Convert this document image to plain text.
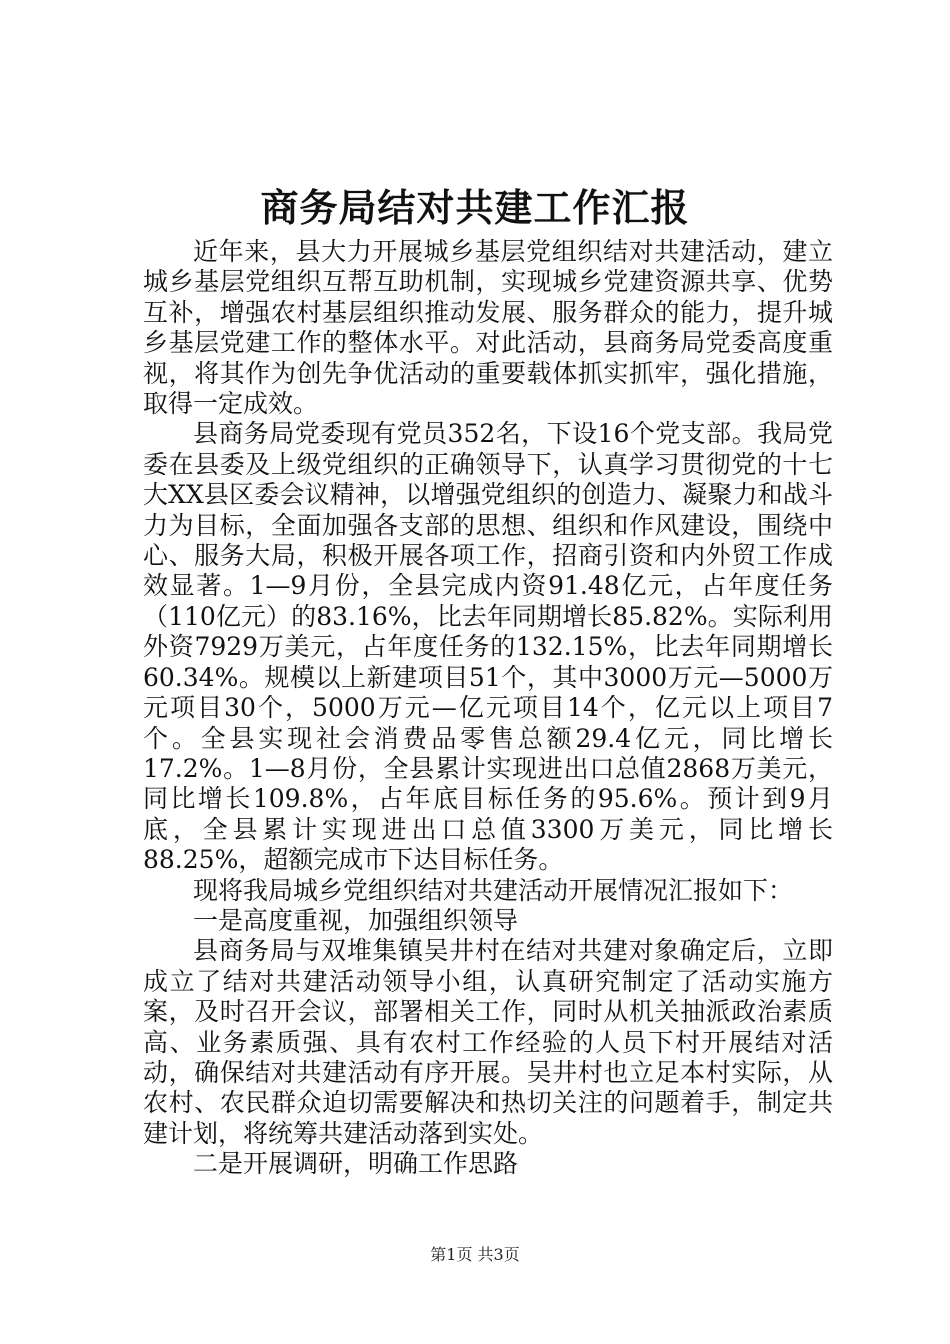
商务局结对共建工作汇报

近年来，县大力开展城乡基层党组织结对共建活动，建立城乡基层党组织互帮互助机制，实现城乡党建资源共享、优势互补，增强农村基层组织推动发展、服务群众的能力，提升城乡基层党建工作的整体水平。对此活动，县商务局党委高度重视，将其作为创先争优活动的重要载体抓实抓牢，强化措施，取得一定成效。

县商务局党委现有党员352名，下设16个党支部。我局党委在县委及上级党组织的正确领导下，认真学习贯彻党的十七大XX县区委会议精神，以增强党组织的创造力、凝聚力和战斗力为目标，全面加强各支部的思想、组织和作风建设，围绕中心、服务大局，积极开展各项工作，招商引资和内外贸工作成效显著。1—9月份，全县完成内资91.48亿元，占年度任务（110亿元）的83.16%，比去年同期增长85.82%。实际利用外资7929万美元，占年度任务的132.15%，比去年同期增长60.34%。规模以上新建项目51个，其中3000万元—5000万元项目30个，5000万元—亿元项目14个，亿元以上项目7个。全县实现社会消费品零售总额29.4亿元，同比增长17.2%。1—8月份，全县累计实现进出口总值2868万美元，同比增长109.8%，占年底目标任务的95.6%。预计到9月底，全县累计实现进出口总值3300万美元，同比增长88.25%，超额完成市下达目标任务。

现将我局城乡党组织结对共建活动开展情况汇报如下：

一是高度重视，加强组织领导

县商务局与双堆集镇吴井村在结对共建对象确定后，立即成立了结对共建活动领导小组，认真研究制定了活动实施方案，及时召开会议，部署相关工作，同时从机关抽派政治素质高、业务素质强、具有农村工作经验的人员下村开展结对活动，确保结对共建活动有序开展。吴井村也立足本村实际，从农村、农民群众迫切需要解决和热切关注的问题着手，制定共建计划，将统筹共建活动落到实处。

二是开展调研，明确工作思路

第1页 共3页
